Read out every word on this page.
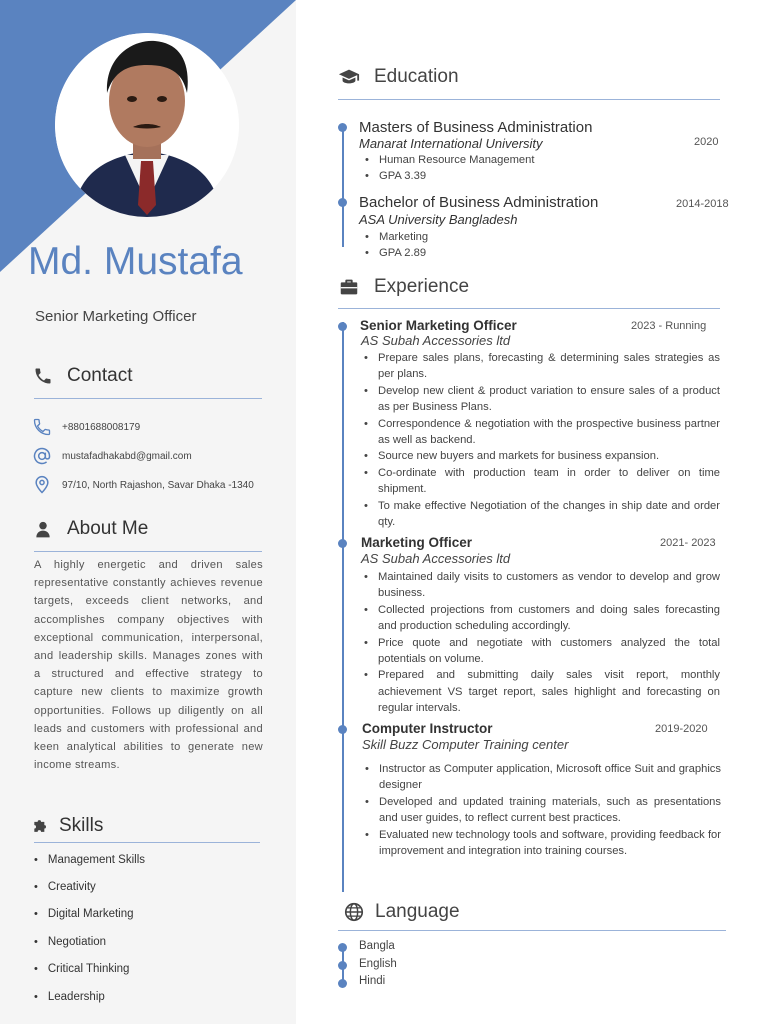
Md. Mustafa
Senior Marketing Officer
Contact
+8801688008179
mustafadhakabd@gmail.com
97/10, North Rajashon, Savar Dhaka -1340
About Me
A highly energetic and driven sales representative constantly achieves revenue targets, exceeds client networks, and accomplishes company objectives with exceptional communication, interpersonal, and leadership skills. Manages zones with a structured and effective strategy to capture new clients to maximize growth opportunities. Follows up diligently on all leads and customers with professional and keen analytical abilities to generate new income streams.
Skills
• Management Skills
• Creativity
• Digital Marketing
• Negotiation
• Critical Thinking
• Leadership
Education
Masters of Business Administration
Manarat International University	2020
• Human Resource Management
• GPA 3.39
Bachelor of Business Administration	2014-2018
ASA University Bangladesh
• Marketing
• GPA 2.89
Experience
Senior Marketing Officer	2023 - Running
AS Subah Accessories ltd
• Prepare sales plans, forecasting & determining sales strategies as per plans.
• Develop new client & product variation to ensure sales of a product as per Business Plans.
• Correspondence & negotiation with the prospective business partner as well as backend.
• Source new buyers and markets for business expansion.
• Co-ordinate with production team in order to deliver on time shipment.
• To make effective Negotiation of the changes in ship date and order qty.
Marketing Officer	2021- 2023
AS Subah Accessories ltd
• Maintained daily visits to customers as vendor to develop and grow business.
• Collected projections from customers and doing sales forecasting and production scheduling accordingly.
• Price quote and negotiate with customers analyzed the total potentials on volume.
• Prepared and submitting daily sales visit report, monthly achievement VS target report, sales highlight and forecasting on regular intervals.
Computer Instructor	2019-2020
Skill Buzz Computer Training center
• Instructor as Computer application, Microsoft office Suit and graphics designer
• Developed and updated training materials, such as presentations and user guides, to reflect current best practices.
• Evaluated new technology tools and software, providing feedback for improvement and integration into training courses.
Language
Bangla
English
Hindi
